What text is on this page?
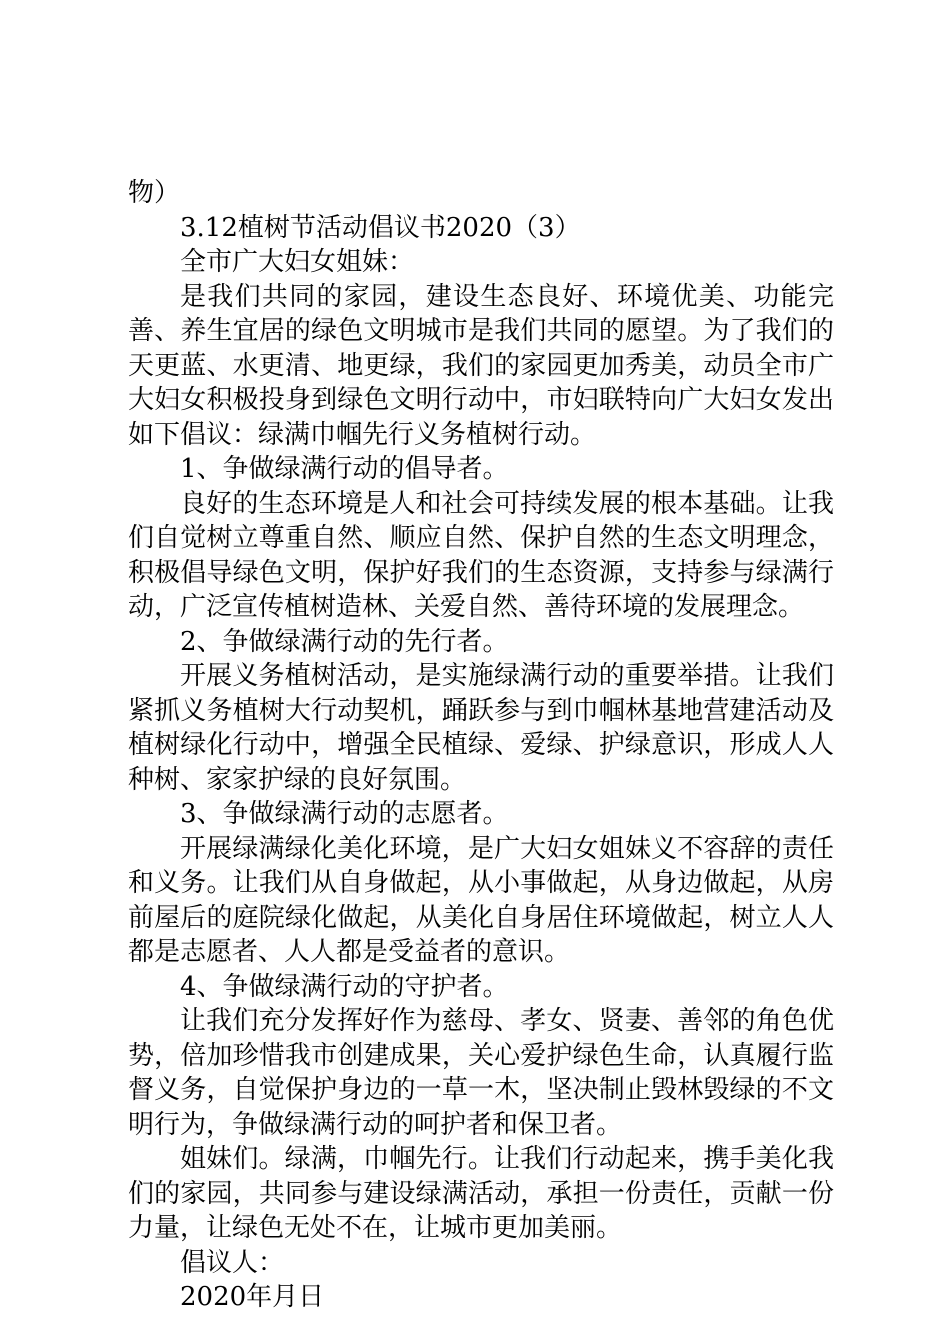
物）

3.12植树节活动倡议书2020（3）

全市广大妇女姐妹：

是我们共同的家园，建设生态良好、环境优美、功能完善、养生宜居的绿色文明城市是我们共同的愿望。为了我们的天更蓝、水更清、地更绿，我们的家园更加秀美，动员全市广大妇女积极投身到绿色文明行动中，市妇联特向广大妇女发出如下倡议：绿满巾帼先行义务植树行动。

1、争做绿满行动的倡导者。

良好的生态环境是人和社会可持续发展的根本基础。让我们自觉树立尊重自然、顺应自然、保护自然的生态文明理念，积极倡导绿色文明，保护好我们的生态资源，支持参与绿满行动，广泛宣传植树造林、关爱自然、善待环境的发展理念。

2、争做绿满行动的先行者。

开展义务植树活动，是实施绿满行动的重要举措。让我们紧抓义务植树大行动契机，踊跃参与到巾帼林基地营建活动及植树绿化行动中，增强全民植绿、爱绿、护绿意识，形成人人种树、家家护绿的良好氛围。

3、争做绿满行动的志愿者。

开展绿满绿化美化环境，是广大妇女姐妹义不容辞的责任和义务。让我们从自身做起，从小事做起，从身边做起，从房前屋后的庭院绿化做起，从美化自身居住环境做起，树立人人都是志愿者、人人都是受益者的意识。

4、争做绿满行动的守护者。

让我们充分发挥好作为慈母、孝女、贤妻、善邻的角色优势，倍加珍惜我市创建成果，关心爱护绿色生命，认真履行监督义务，自觉保护身边的一草一木，坚决制止毁林毁绿的不文明行为，争做绿满行动的呵护者和保卫者。

姐妹们。绿满，巾帼先行。让我们行动起来，携手美化我们的家园，共同参与建设绿满活动，承担一份责任，贡献一份力量，让绿色无处不在，让城市更加美丽。

倡议人：

2020年月日
